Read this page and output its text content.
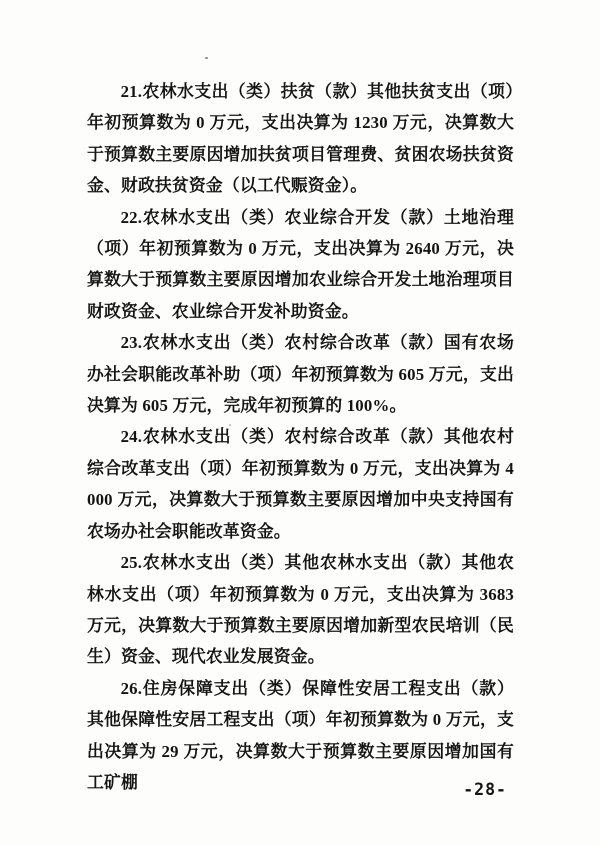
21.农林水支出（类）扶贫（款）其他扶贫支出（项）年初预算数为 0 万元，支出决算为 1230 万元，决算数大于预算数主要原因增加扶贫项目管理费、贫困农场扶贫资金、财政扶贫资金（以工代赈资金）。

22.农林水支出（类）农业综合开发（款）土地治理（项）年初预算数为 0 万元，支出决算为 2640 万元，决算数大于预算数主要原因增加农业综合开发土地治理项目财政资金、农业综合开发补助资金。

23.农林水支出（类）农村综合改革（款）国有农场办社会职能改革补助（项）年初预算数为 605 万元，支出决算为 605 万元，完成年初预算的 100%。

24.农林水支出（类）农村综合改革（款）其他农村综合改革支出（项）年初预算数为 0 万元，支出决算为 4000 万元，决算数大于预算数主要原因增加中央支持国有农场办社会职能改革资金。

25.农林水支出（类）其他农林水支出（款）其他农林水支出（项）年初预算数为 0 万元，支出决算为 3683 万元，决算数大于预算数主要原因增加新型农民培训（民生）资金、现代农业发展资金。

26.住房保障支出（类）保障性安居工程支出（款）其他保障性安居工程支出（项）年初预算数为 0 万元，支出决算为 29 万元，决算数大于预算数主要原因增加国有工矿棚	-28-
